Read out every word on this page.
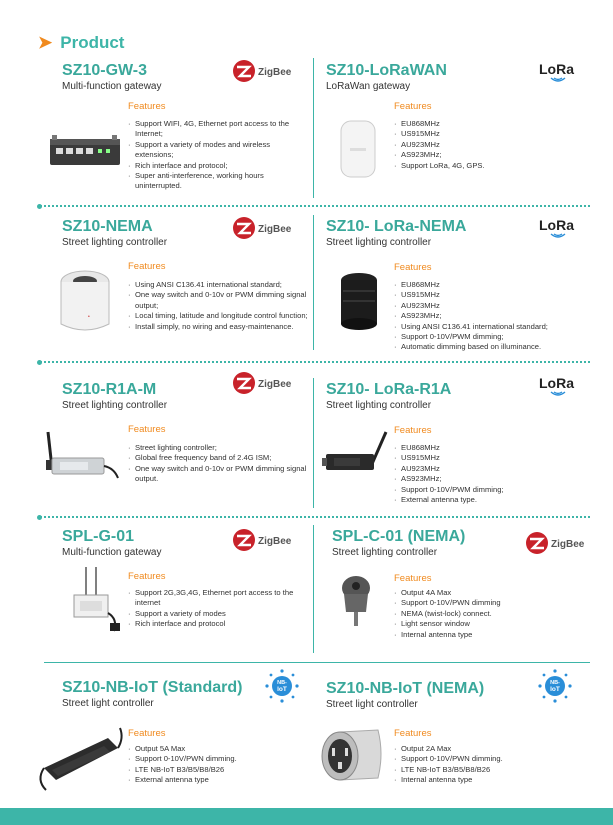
➤ Product
SZ10-GW-3
Multi-function gateway
ZigBee
Features
· Support WIFI, 4G, Ethernet port access to the Internet;
· Support a variety of modes and wireless extensions;
· Rich interface and protocol;
· Super anti-interference, working hours uninterrupted.
SZ10-LoRaWAN
LoRaWan gateway
LoRa
Features
· EU868MHz
· US915MHz
· AU923MHz
· AS923MHz;
· Support LoRa, 4G, GPS.
SZ10-NEMA
Street lighting controller
ZigBee
Features
· Using ANSI C136.41 international standard;
· One way switch and 0-10v or PWM dimming signal output;
· Local timing, latitude and longitude control function;
· Install simply, no wiring and easy-maintenance.
•
SZ10- LoRa-NEMA
Street lighting controller
LoRa
Features
· EU868MHz
· US915MHz
· AU923MHz
· AS923MHz;
· Using ANSI C136.41 international standard;
· Support 0-10V/PWM dimming;
· Automatic dimming based on illuminance.
SZ10-R1A-M
Street lighting controller
ZigBee
Features
· Street lighting controller;
· Global free frequency band of 2.4G ISM;
· One way switch and 0-10v or PWM dimming signal output.
SZ10- LoRa-R1A
Street lighting controller
LoRa
Features
· EU868MHz
· US915MHz
· AU923MHz
· AS923MHz;
· Support 0-10V/PWM dimming;
· External antenna type.
SPL-G-01
Multi-function gateway
ZigBee
Features
· Support 2G,3G,4G, Ethernet port access to the internet
· Support a variety of modes
· Rich interface and protocol
SPL-C-01 (NEMA)
Street lighting controller
ZigBee
Features
· Output 4A Max
· Support 0-10V/PWN dimming
· NEMA (twist-lock) connect.
· Light sensor window
· Internal antenna type
SZ10-NB-IoT (Standard)
Street light controller
NB-
IoT
Features
· Output 5A Max
· Support 0-10V/PWN dimming.
· LTE NB-IoT B3/B5/B8/B26
· External antenna type
SZ10-NB-IoT (NEMA)
Street light controller
NB-
IoT
Features
· Output 2A Max
· Support 0-10V/PWN dimming.
· LTE NB-IoT B3/B5/B8/B26
· Internal antenna type
